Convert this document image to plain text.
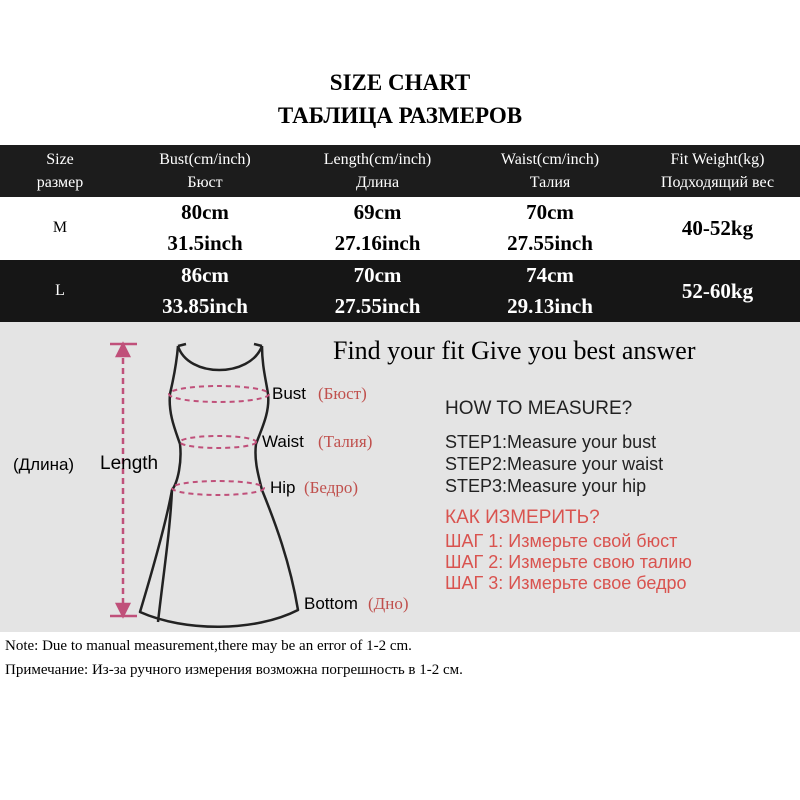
SIZE CHART
ТАБЛИЦА РАЗМЕРОВ
Size
размер
Bust(cm/inch)
Бюст
Length(cm/inch)
Длина
Waist(cm/inch)
Талия
Fit Weight(kg)
Подходящий вес
M
80cm
31.5inch
69cm
27.16inch
70cm
27.55inch
40-52kg
L
86cm
33.85inch
70cm
27.55inch
74cm
29.13inch
52-60kg
(Длина) Length
Bust (Бюст)
Waist (Талия)
Hip (Бедро)
Bottom (Дно)
Find your fit Give you best answer
HOW TO MEASURE?
STEP1:Measure your bust
STEP2:Measure your waist
STEP3:Measure your hip
КАК ИЗМЕРИТЬ?
ШАГ 1: Измерьте свой бюст
ШАГ 2: Измерьте свою талию
ШАГ 3: Измерьте свое бедро
Note: Due to manual measurement,there may be an error of 1-2 cm.
Примечание: Из-за ручного измерения возможна погрешность в 1-2 см.
